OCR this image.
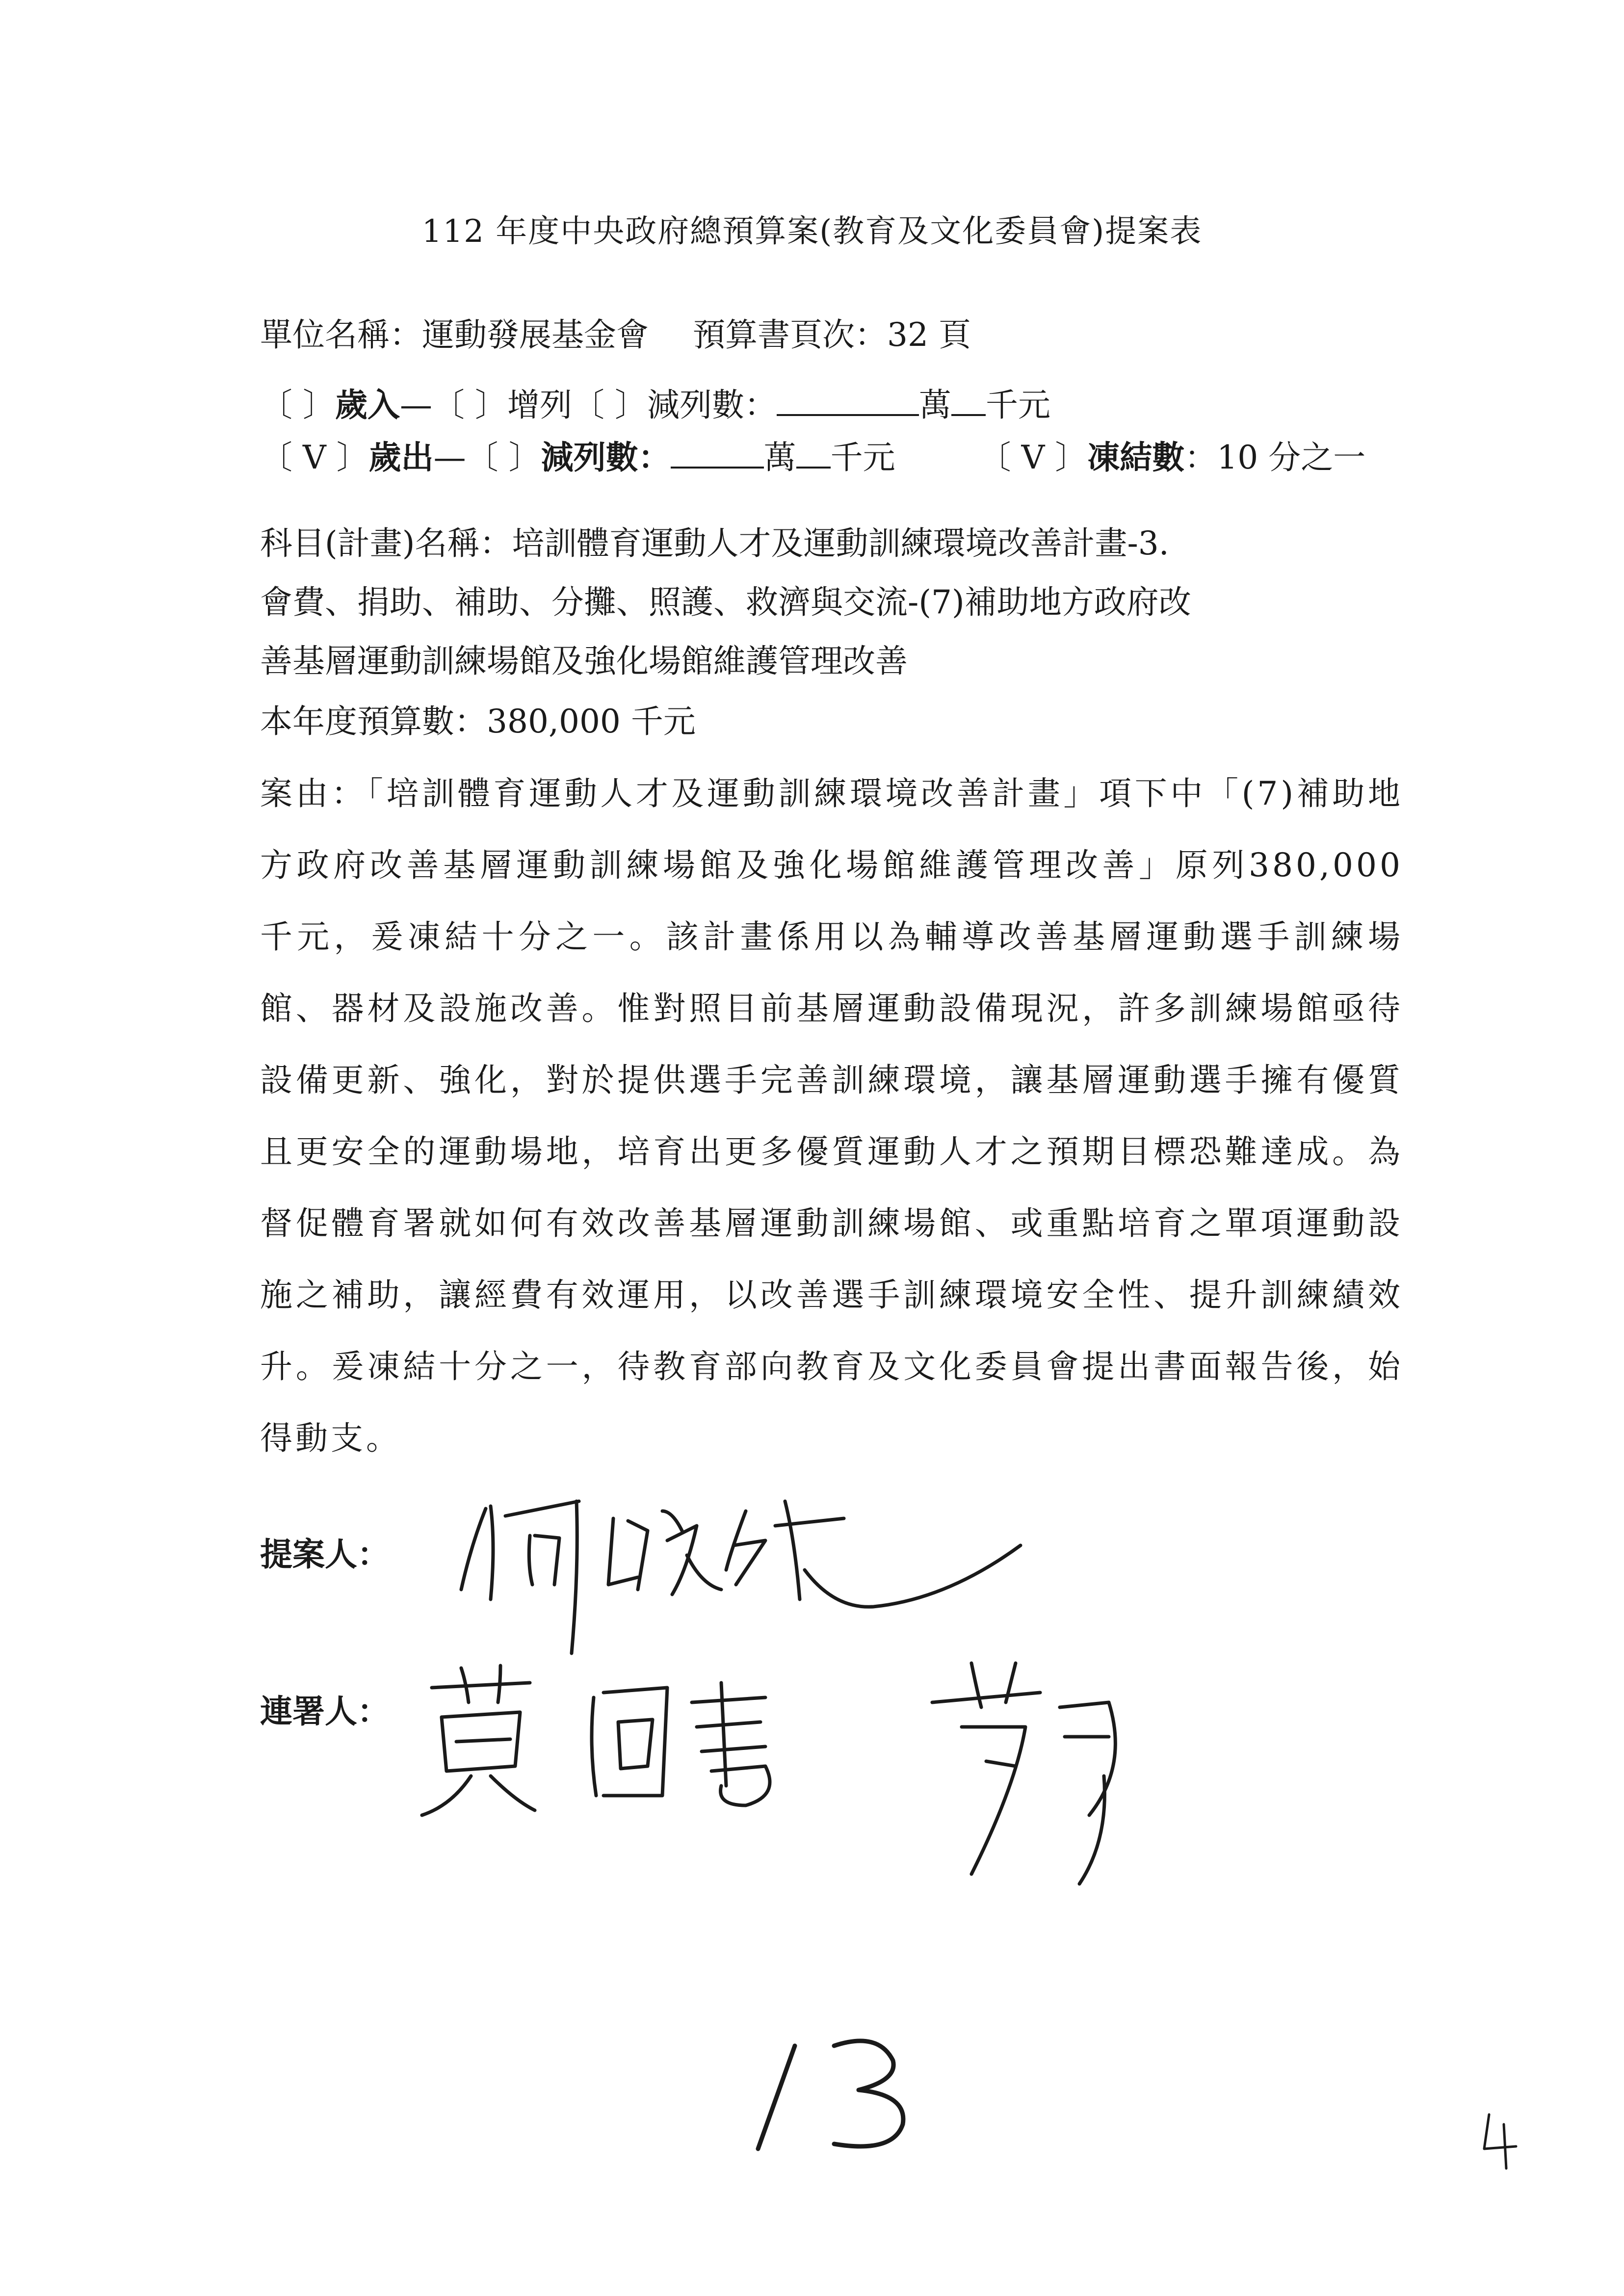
112 年度中央政府總預算案(教育及文化委員會)提案表
單位名稱：運動發展基金會 預算書頁次：32 頁
〔 〕歲入—〔 〕增列〔 〕減列數：	萬 千元
〔 V 〕歲出—〔 〕減列數：	萬 千元	〔 V 〕凍結數：10 分之一
科目(計畫)名稱：培訓體育運動人才及運動訓練環境改善計畫-3.
會費、捐助、補助、分攤、照護、救濟與交流-(7)補助地方政府改
善基層運動訓練場館及強化場館維護管理改善
本年度預算數：380,000 千元
案由：「培訓體育運動人才及運動訓練環境改善計畫」項下中「(7)補助地方政府改善基層運動訓練場館及強化場館維護管理改善」原列380,000 千元，爰凍結十分之一。該計畫係用以為輔導改善基層運動選手訓練場館、器材及設施改善。惟對照目前基層運動設備現況，許多訓練場館亟待設備更新、強化，對於提供選手完善訓練環境，讓基層運動選手擁有優質且更安全的運動場地，培育出更多優質運動人才之預期目標恐難達成。為督促體育署就如何有效改善基層運動訓練場館、或重點培育之單項運動設施之補助，讓經費有效運用，以改善選手訓練環境安全性、提升訓練績效升。爰凍結十分之一，待教育部向教育及文化委員會提出書面報告後，始得動支。
提案人：
連署人：
